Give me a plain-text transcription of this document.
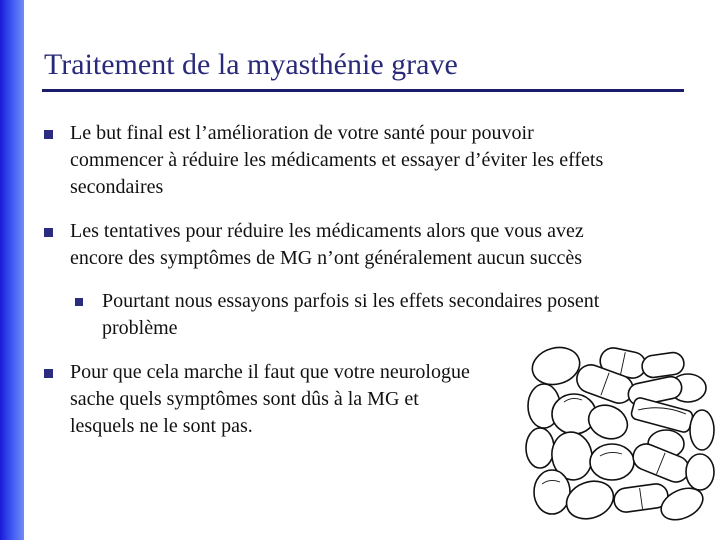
Traitement de la myasthénie grave
Le but final est l’amélioration de votre santé pour pouvoir
commencer à réduire les médicaments et essayer d’éviter les effets
secondaires
Les tentatives pour réduire les médicaments alors que vous avez
encore des symptômes de MG n’ont généralement aucun succès
Pourtant nous essayons parfois si les effets secondaires posent
problème
Pour que cela marche il faut que votre neurologue
sache quels symptômes sont dûs à la MG et
lesquels ne le sont pas.
